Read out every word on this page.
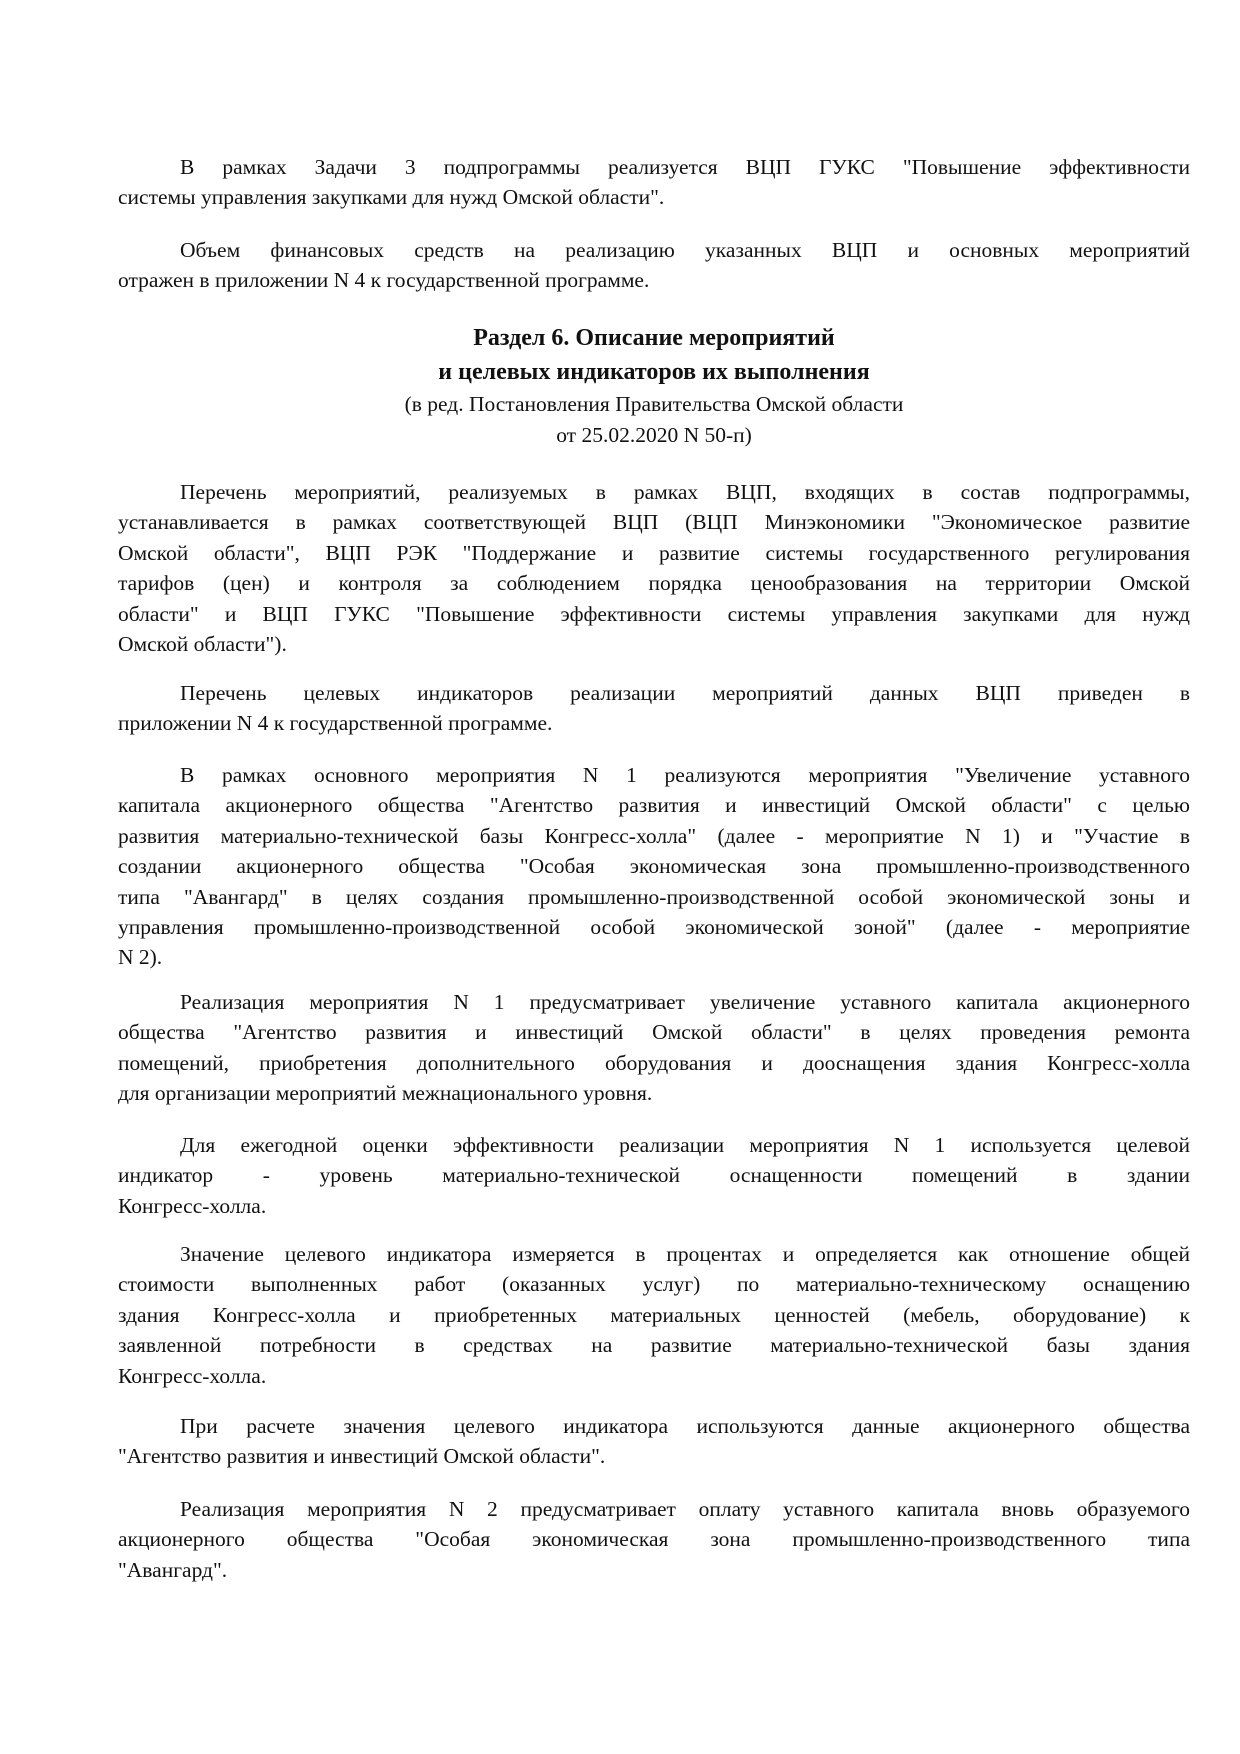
Раздел 6. Описание мероприятий
и целевых индикаторов их выполнения
(в ред. Постановления Правительства Омской области
от 25.02.2020 N 50-п)
В рамках Задачи 3 подпрограммы реализуется ВЦП ГУКС "Повышение эффективности
системы управления закупками для нужд Омской области".
Объем финансовых средств на реализацию указанных ВЦП и основных мероприятий
отражен в приложении N 4 к государственной программе.
Перечень мероприятий, реализуемых в рамках ВЦП, входящих в состав подпрограммы,
устанавливается в рамках соответствующей ВЦП (ВЦП Минэкономики "Экономическое развитие
Омской области", ВЦП РЭК "Поддержание и развитие системы государственного регулирования
тарифов (цен) и контроля за соблюдением порядка ценообразования на территории Омской
области" и ВЦП ГУКС "Повышение эффективности системы управления закупками для нужд
Омской области").
Перечень целевых индикаторов реализации мероприятий данных ВЦП приведен в
приложении N 4 к государственной программе.
В рамках основного мероприятия N 1 реализуются мероприятия "Увеличение уставного
капитала акционерного общества "Агентство развития и инвестиций Омской области" с целью
развития материально-технической базы Конгресс-холла" (далее - мероприятие N 1) и "Участие в
создании акционерного общества "Особая экономическая зона промышленно-производственного
типа "Авангард" в целях создания промышленно-производственной особой экономической зоны и
управления промышленно-производственной особой экономической зоной" (далее - мероприятие
N 2).
Реализация мероприятия N 1 предусматривает увеличение уставного капитала акционерного
общества "Агентство развития и инвестиций Омской области" в целях проведения ремонта
помещений, приобретения дополнительного оборудования и дооснащения здания Конгресс-холла
для организации мероприятий межнационального уровня.
Для ежегодной оценки эффективности реализации мероприятия N 1 используется целевой
индикатор - уровень материально-технической оснащенности помещений в здании
Конгресс-холла.
Значение целевого индикатора измеряется в процентах и определяется как отношение общей
стоимости выполненных работ (оказанных услуг) по материально-техническому оснащению
здания Конгресс-холла и приобретенных материальных ценностей (мебель, оборудование) к
заявленной потребности в средствах на развитие материально-технической базы здания
Конгресс-холла.
При расчете значения целевого индикатора используются данные акционерного общества
"Агентство развития и инвестиций Омской области".
Реализация мероприятия N 2 предусматривает оплату уставного капитала вновь образуемого
акционерного общества "Особая экономическая зона промышленно-производственного типа
"Авангард".
